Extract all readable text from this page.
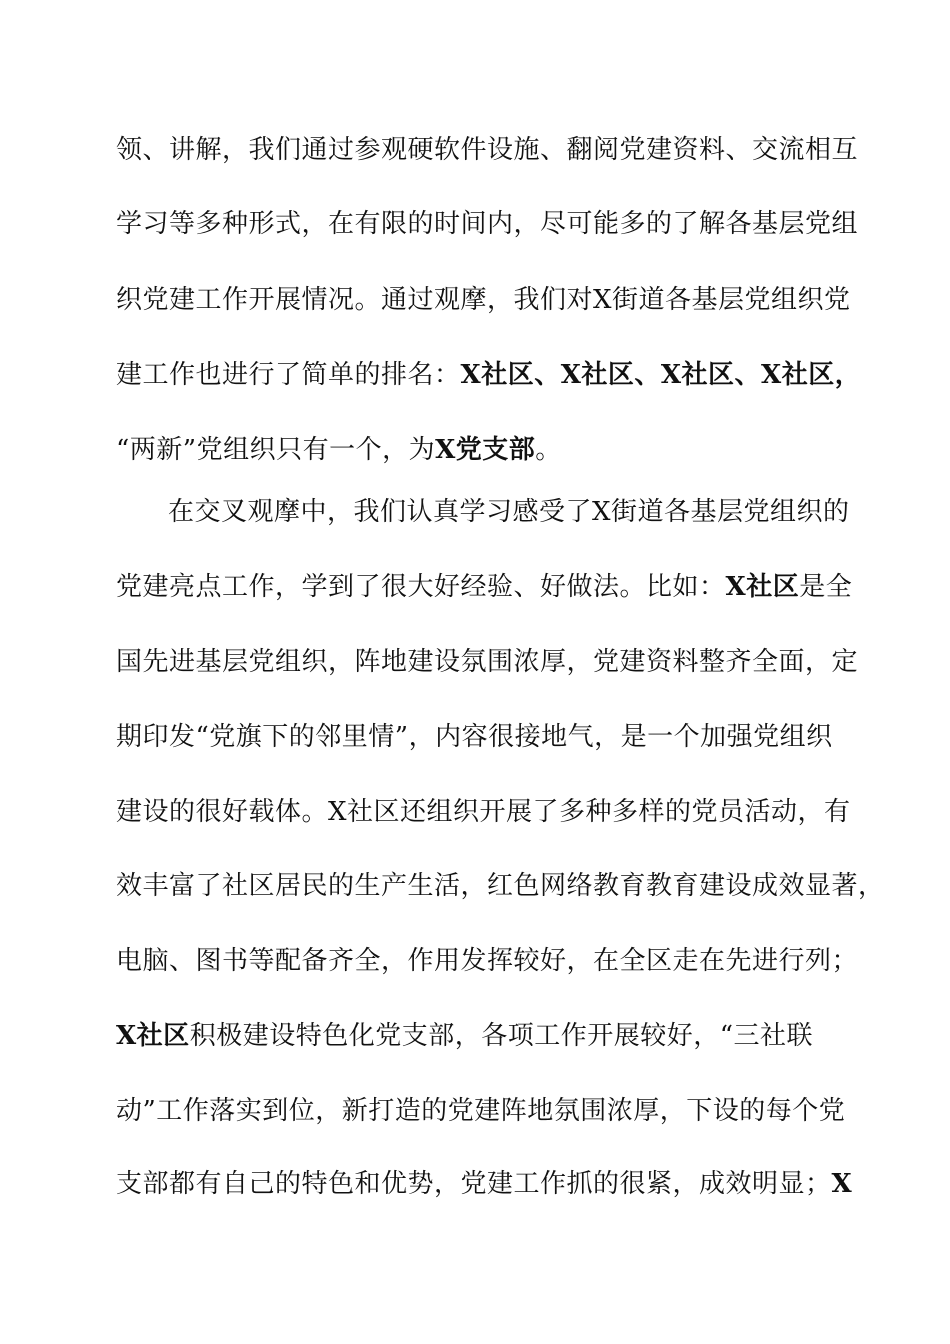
领、讲解，我们通过参观硬软件设施、翻阅党建资料、交流相互
学习等多种形式，在有限的时间内，尽可能多的了解各基层党组
织党建工作开展情况。通过观摩，我们对X街道各基层党组织党
建工作也进行了简单的排名：X社区、X社区、X社区、X社区，
“两新”党组织只有一个，为X党支部。
在交叉观摩中，我们认真学习感受了X街道各基层党组织的
党建亮点工作，学到了很大好经验、好做法。比如：X社区是全
国先进基层党组织，阵地建设氛围浓厚，党建资料整齐全面，定
期印发“党旗下的邻里情”，内容很接地气，是一个加强党组织
建设的很好载体。X社区还组织开展了多种多样的党员活动，有
效丰富了社区居民的生产生活，红色网络教育教育建设成效显著，
电脑、图书等配备齐全，作用发挥较好，在全区走在先进行列；
X社区积极建设特色化党支部，各项工作开展较好，“三社联
动”工作落实到位，新打造的党建阵地氛围浓厚，下设的每个党
支部都有自己的特色和优势，党建工作抓的很紧，成效明显；X
